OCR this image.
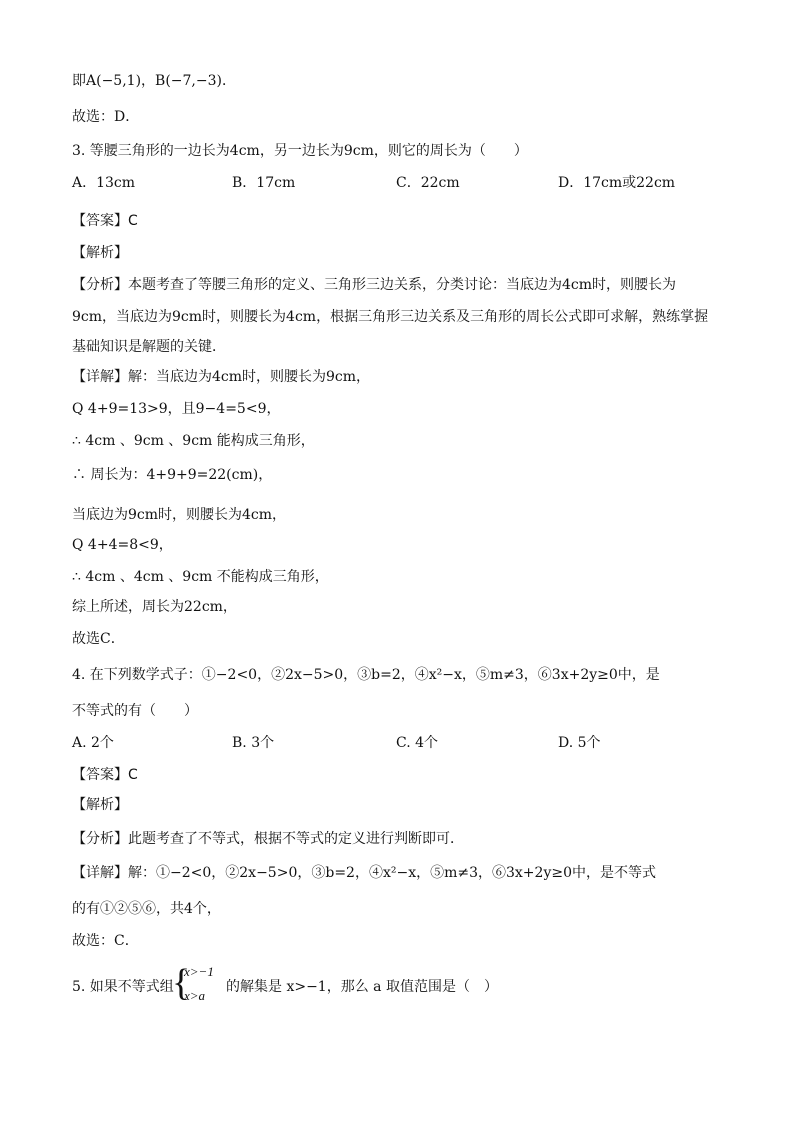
即A(−5,1)，B(−7,−3)．
故选：D．
3. 等腰三角形的一边长为4cm，另一边长为9cm，则它的周长为（　　）
A．13cm	B．17cm	C．22cm	D．17cm或22cm
【答案】C
【解析】
【分析】本题考查了等腰三角形的定义、三角形三边关系，分类讨论：当底边为4cm时，则腰长为
9cm，当底边为9cm时，则腰长为4cm，根据三角形三边关系及三角形的周长公式即可求解，熟练掌握
基础知识是解题的关键．
【详解】解：当底边为4cm时，则腰长为9cm，
Q 4+9=13>9，且9−4=5<9，
∴ 4cm 、9cm 、9cm 能构成三角形，
∴ 周长为：4+9+9=22(cm)，
当底边为9cm时，则腰长为4cm，
Q 4+4=8<9，
∴ 4cm 、4cm 、9cm 不能构成三角形，
综上所述，周长为22cm，
故选C．
4. 在下列数学式子：①−2<0，②2x−5>0，③b=2，④x²−x，⑤m≠3，⑥3x+2y≥0中，是
不等式的有（　　）
A. 2个	B. 3个	C. 4个	D. 5个
【答案】C
【解析】
【分析】此题考查了不等式，根据不等式的定义进行判断即可．
【详解】解：①−2<0，②2x−5>0，③b=2，④x²−x，⑤m≠3，⑥3x+2y≥0中，是不等式
的有①②⑤⑥，共4个，
故选：C．
5. 如果不等式组
{
x>−1
x>a
的解集是 x>−1，那么 a 取值范围是（　）
